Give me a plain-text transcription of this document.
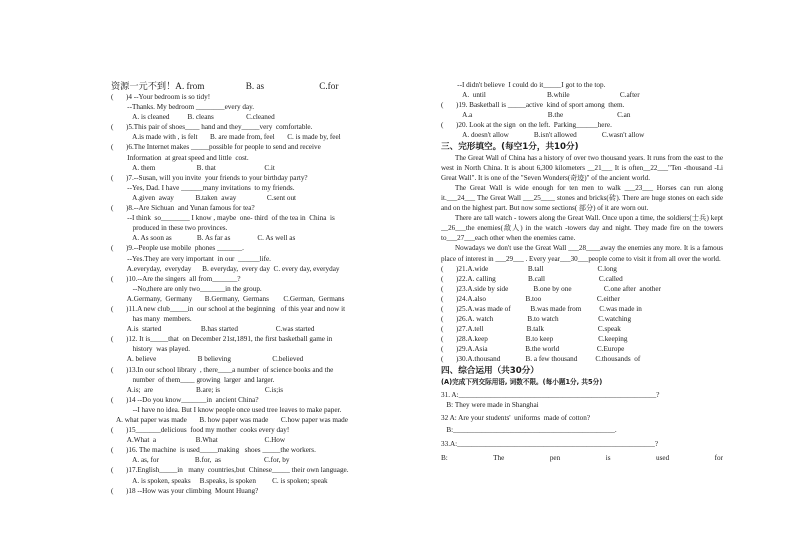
资源一元不到！A. from                  B. as                        C.for
(       )4 --Your bedroom is so tidy!
--Thanks. My bedroom ________every day.
A. is cleaned          B. cleans                  C.cleaned
(       )5.This pair of shoes____ hand and they_____very  comfortable.
A.is made with , is felt       B. are made from, feel       C. is made by, feel
(       )6.The Internet makes _____possible for people to send and receive
Information  at great speed and little  cost.
A. them                       B. that                           C.it
(       )7.--Susan, will you invite  your friends to your birthday party?
--Yes, Dad. I have ______many invitations  to my friends.
A.given  away            B.taken  away                 C.sent out
(       )8.--Are Sichuan  and Yunan famous for tea?
--I think  so________ I know , maybe  one- third  of the tea in  China  is
produced in these two provinces.
A. As soon as              B. As far as               C. As well as
(       )9.--People use mobile  phones _______.
--Yes.They are very important  in our  ______life.
A.everyday,  everyday      B. everyday,  every day  C. every day, everyday
(       )10.--Are the singers  all from_______?
--No,there are only two_______in the group.
A.Germany,  Germany       B.Germany,  Germans        C.German,  Germans
(       )11.A new club_____in  our school at the beginning   of this year and now it
has many  members.
A.is  started                      B.has started                     C.was started
(       )12. It is_____that  on December 21st,1891, the first basketball game in
history  was played.
A. believe                       B believing                       C.believed
(       )13.In our school library  , there____a number  of science books and the
number  of them____ growing  larger  and larger.
A.is;  are                        B.are; is                         C.is;is
(       )14 --Do you know_______in  ancient China?
--I have no idea. But I know people once used tree leaves to make paper.
A. what paper was made       B. how paper was made       C.how paper was made
(       )15_______delicious  food my mother  cooks every day!
A.What  a                      B.What                          C.How
(       )16. The machine  is used_____making   shoes _____the workers.
A. as, for                    B.for,  as                        C.for, by
(       )17.English_____in   many  countries,but  Chinese_____ their own language.
A. is spoken, speaks     B.speaks, is spoken         C. is spoken; speak
(       )18 --How was your climbing  Mount Huang?
--I didn't believe  I could do it_____I got to the top.
A.  until                                  B.while                            C.after
(       )19. Basketball is _____active  kind of sport among  them.
A.a                                          B.the                              C.an
(       )20. Look at the sign  on the left.  Parking______here.
A. doesn't allow              B.isn't allowed              C.wasn't allow
三、完形填空。(每空1分，共10分)
The Great Wall of China has a history of over two thousand years. It runs from the east to the west in North China. It is about 6,300 kilometers __21___ It is often__22___"Ten -thousand -Li Great Wall". It is one of the "Seven Wonders(奇迹)" of the ancient world.
The Great Wall is wide enough for ten men to walk ___23___ Horses can run along it.___24___ The Great Wall ___25____ stones and bricks(砖). There are huge stones on each side and on the highest part. But now some sections( 部分) of it are worn out.
There are tall watch - towers along the Great Wall. Once upon a time, the soldiers(士兵) kept __26___the enemies(敌人) in the watch -towers day and night. They made fire on the towers to___27___each other when the enemies came.
Nowadays we don't use the Great Wall ___28____away the enemies any more. It is a famous place of interest in ___29___ . Every year___30___people come to visit it from all over the world.
(       )21.A.wide                      B.tall                              C.long
(       )22.A. calling                  B.call                              C.called
(       )23.A.side by side              B.one by one                  C.one after  another
(       )24.A.also                      B.too                               C.either
(       )25.A.was made of           B.was made from          C.was made in
(       )26.A. watch                   B.to watch                      C.watching
(       )27.A.tell                        B.talk                              C.speak
(       )28.A.keep                     B.to keep                         C.keeping
(       )29.A.Asia                     B.the world                     C.Europe
(       )30.A.thousand              B. a few thousand          C.thousands  of
四、综合运用（共30分）
(A)完成下列交际用语, 词数不限。(每小题1分, 共5分)
31. A:_______________________________________________________?
B: They were made in Shanghai
32 A: Are your students'  uniforms  made of cotton?
B:_____________________________________________.
33.A:_______________________________________________________?
B:	The	pen	is	used	for
